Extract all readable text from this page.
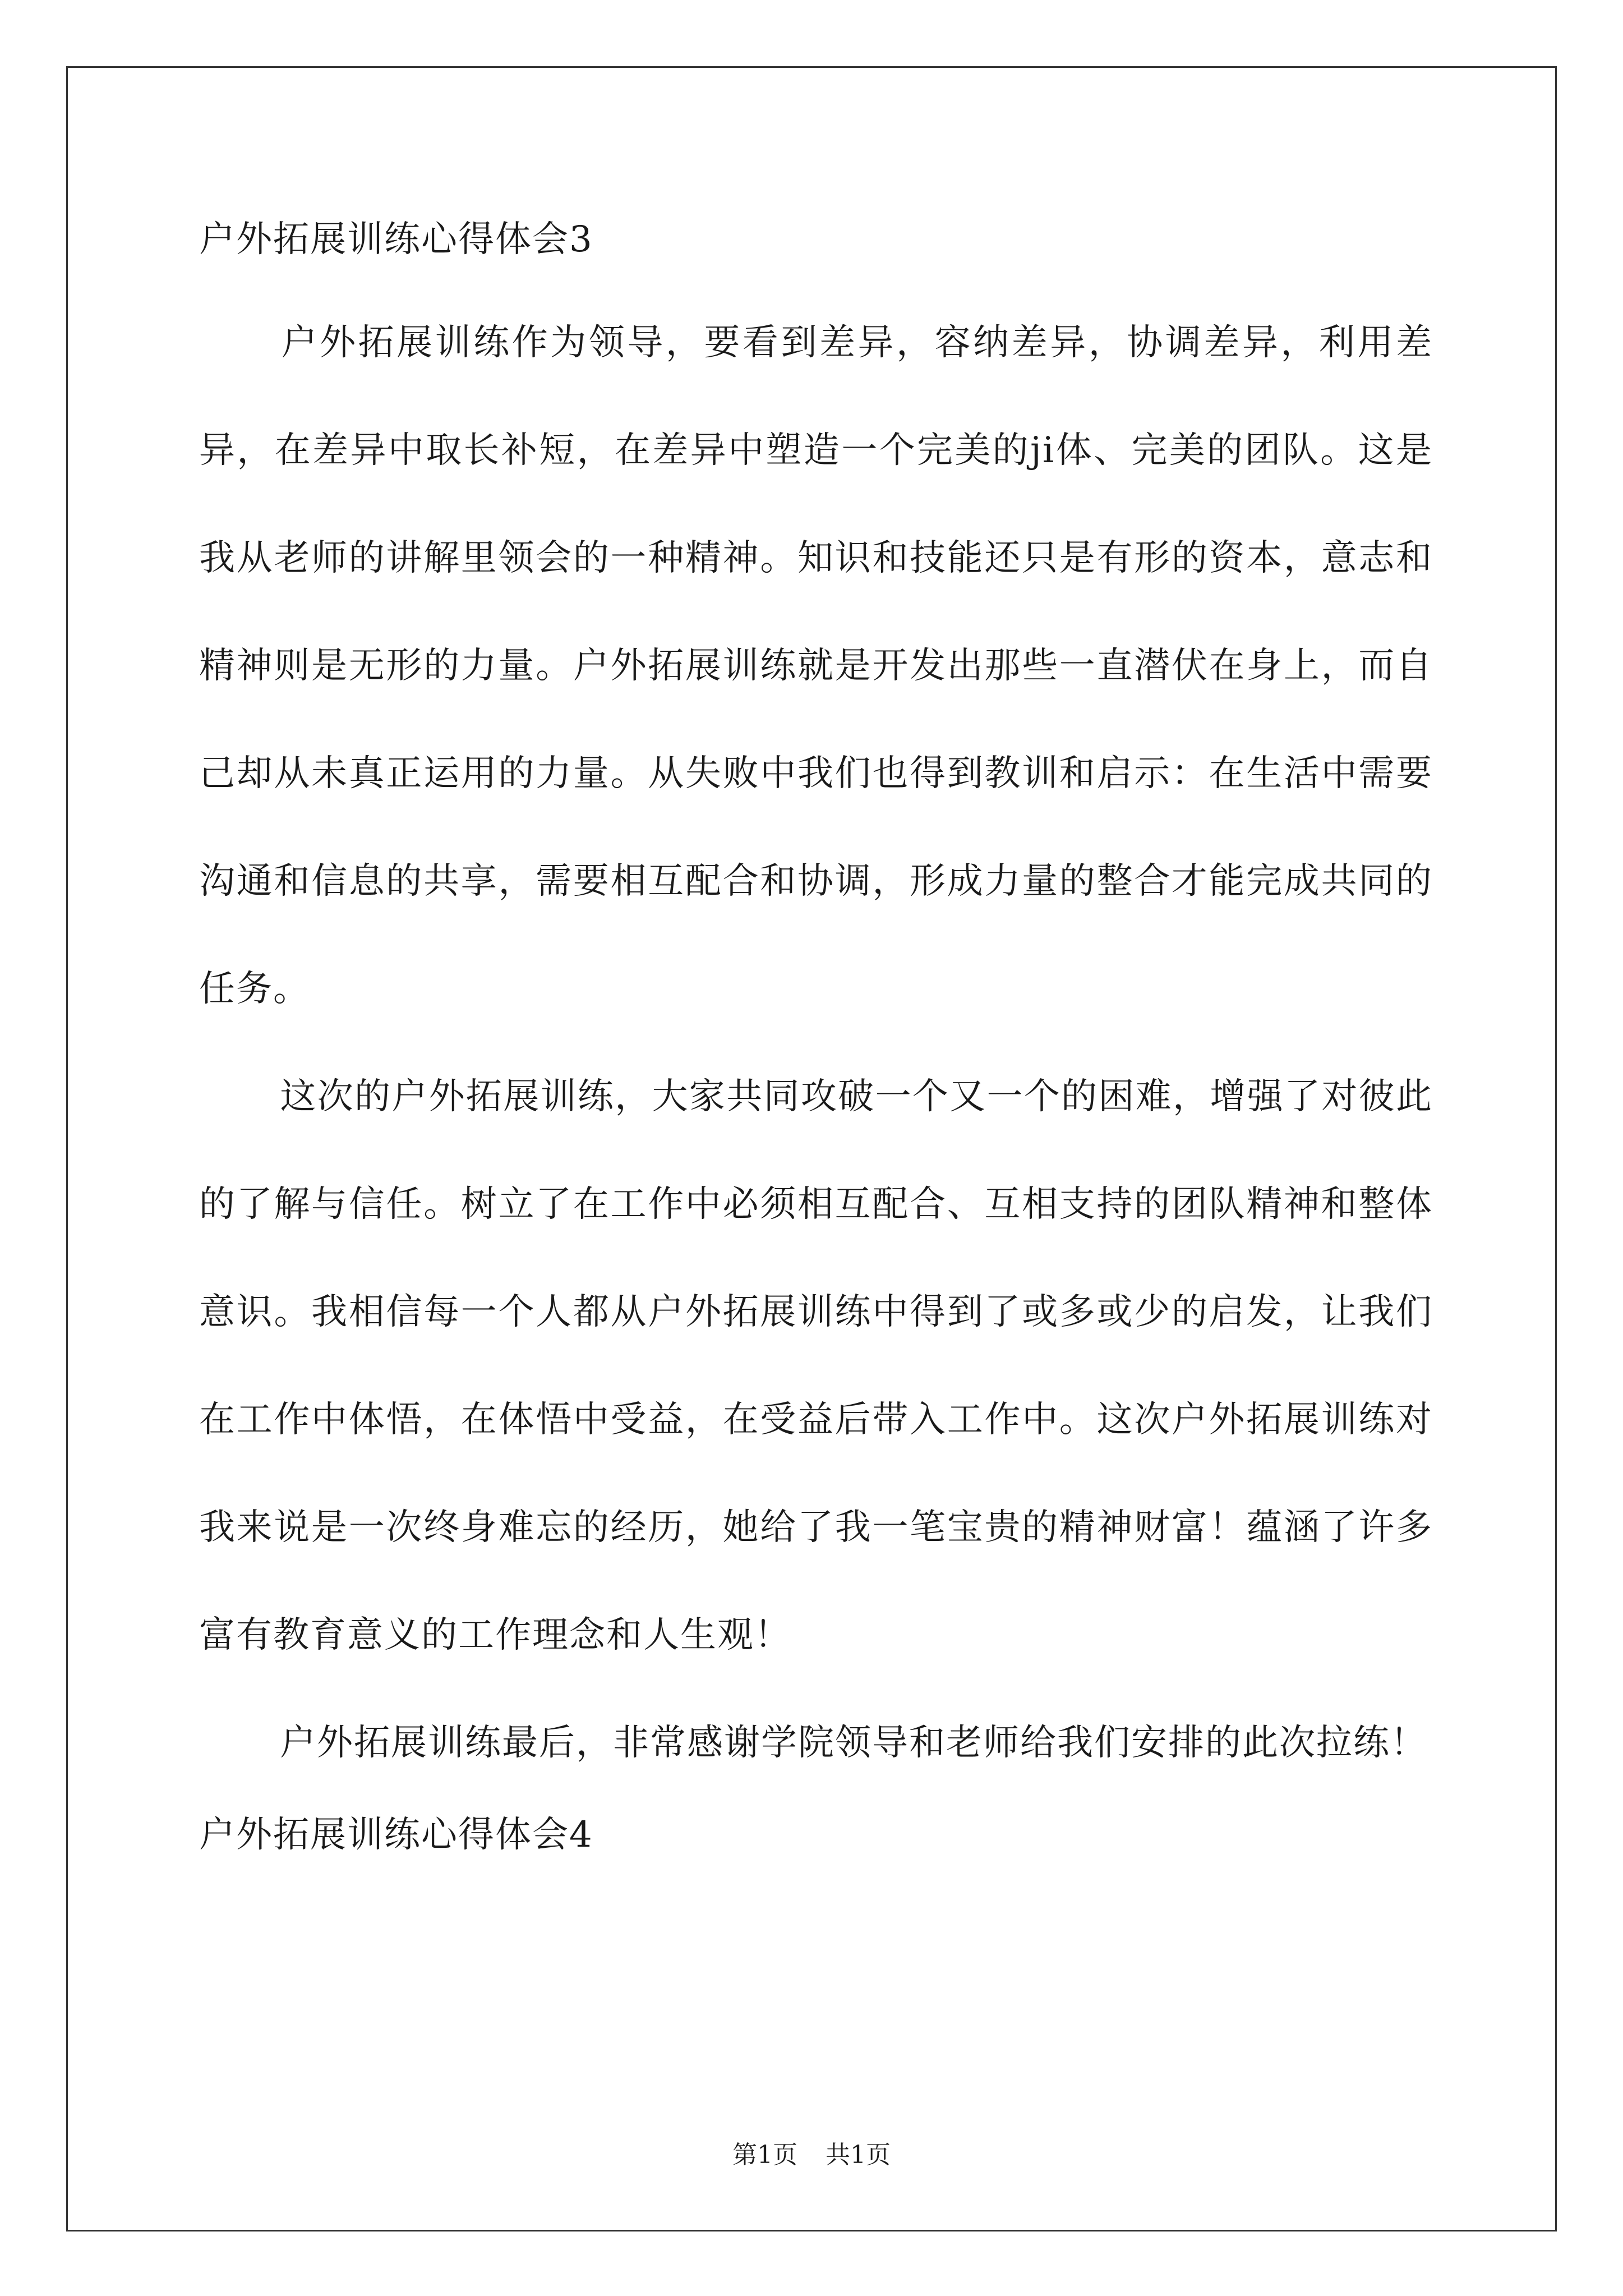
户外拓展训练心得体会3

户外拓展训练作为领导，要看到差异，容纳差异，协调差异，利用差异，在差异中取长补短，在差异中塑造一个完美的ji体、完美的团队。这是我从老师的讲解里领会的一种精神。知识和技能还只是有形的资本，意志和精神则是无形的力量。户外拓展训练就是开发出那些一直潜伏在身上，而自己却从未真正运用的力量。从失败中我们也得到教训和启示：在生活中需要沟通和信息的共享，需要相互配合和协调，形成力量的整合才能完成共同的任务。

这次的户外拓展训练，大家共同攻破一个又一个的困难，增强了对彼此的了解与信任。树立了在工作中必须相互配合、互相支持的团队精神和整体意识。我相信每一个人都从户外拓展训练中得到了或多或少的启发，让我们在工作中体悟，在体悟中受益，在受益后带入工作中。这次户外拓展训练对我来说是一次终身难忘的经历，她给了我一笔宝贵的精神财富！蕴涵了许多富有教育意义的工作理念和人生观！

户外拓展训练最后，非常感谢学院领导和老师给我们安排的此次拉练！

户外拓展训练心得体会4
第1页 共1页
